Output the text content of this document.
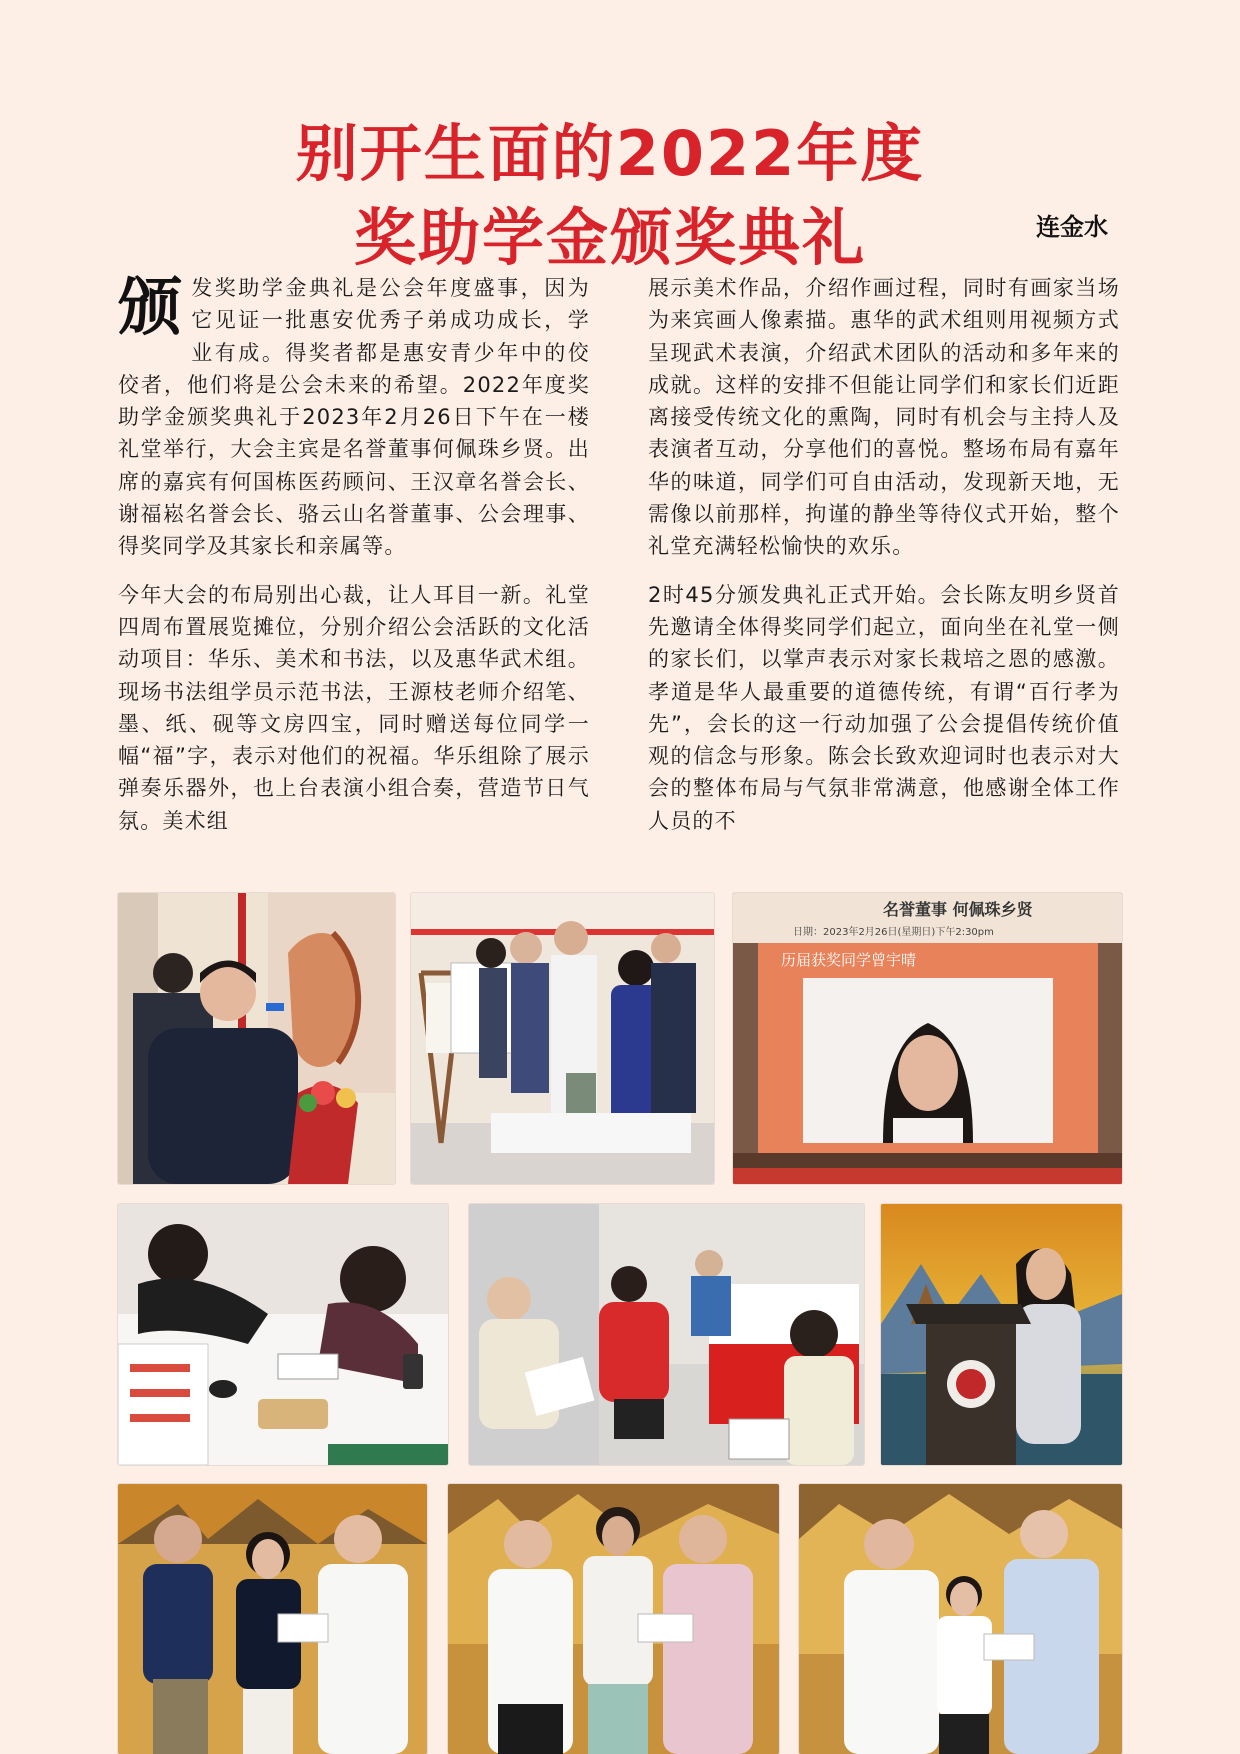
别开生面的2022年度
奖助学金颁奖典礼	连金水

颁 发奖助学金典礼是公会年度盛事，因为它见证一批惠安优秀子弟成功成长，学业有成。得奖者都是惠安青少年中的佼佼者，他们将是公会未来的希望。2022年度奖助学金颁奖典礼于2023年2月26日下午在一楼礼堂举行，大会主宾是名誉董事何佩珠乡贤。出席的嘉宾有何国栋医药顾问、王汉章名誉会长、谢福崧名誉会长、骆云山名誉董事、公会理事、得奖同学及其家长和亲属等。

今年大会的布局别出心裁，让人耳目一新。礼堂四周布置展览摊位，分别介绍公会活跃的文化活动项目：华乐、美术和书法，以及惠华武术组。现场书法组学员示范书法，王源枝老师介绍笔、墨、纸、砚等文房四宝，同时赠送每位同学一幅“福”字，表示对他们的祝福。华乐组除了展示弹奏乐器外，也上台表演小组合奏，营造节日气氛。美术组

展示美术作品，介绍作画过程，同时有画家当场为来宾画人像素描。惠华的武术组则用视频方式呈现武术表演，介绍武术团队的活动和多年来的成就。这样的安排不但能让同学们和家长们近距离接受传统文化的熏陶，同时有机会与主持人及表演者互动，分享他们的喜悦。整场布局有嘉年华的味道，同学们可自由活动，发现新天地，无需像以前那样，拘谨的静坐等待仪式开始，整个礼堂充满轻松愉快的欢乐。

2时45分颁发典礼正式开始。会长陈友明乡贤首先邀请全体得奖同学们起立，面向坐在礼堂一侧的家长们，以掌声表示对家长栽培之恩的感激。孝道是华人最重要的道德传统，有谓“百行孝为先”，会长的这一行动加强了公会提倡传统价值观的信念与形象。陈会长致欢迎词时也表示对大会的整体布局与气氛非常满意，他感谢全体工作人员的不

名誉董事 何佩珠乡贤
日期：2023年2月26日(星期日)下午2:30pm
历届获奖同学曾宇晴
